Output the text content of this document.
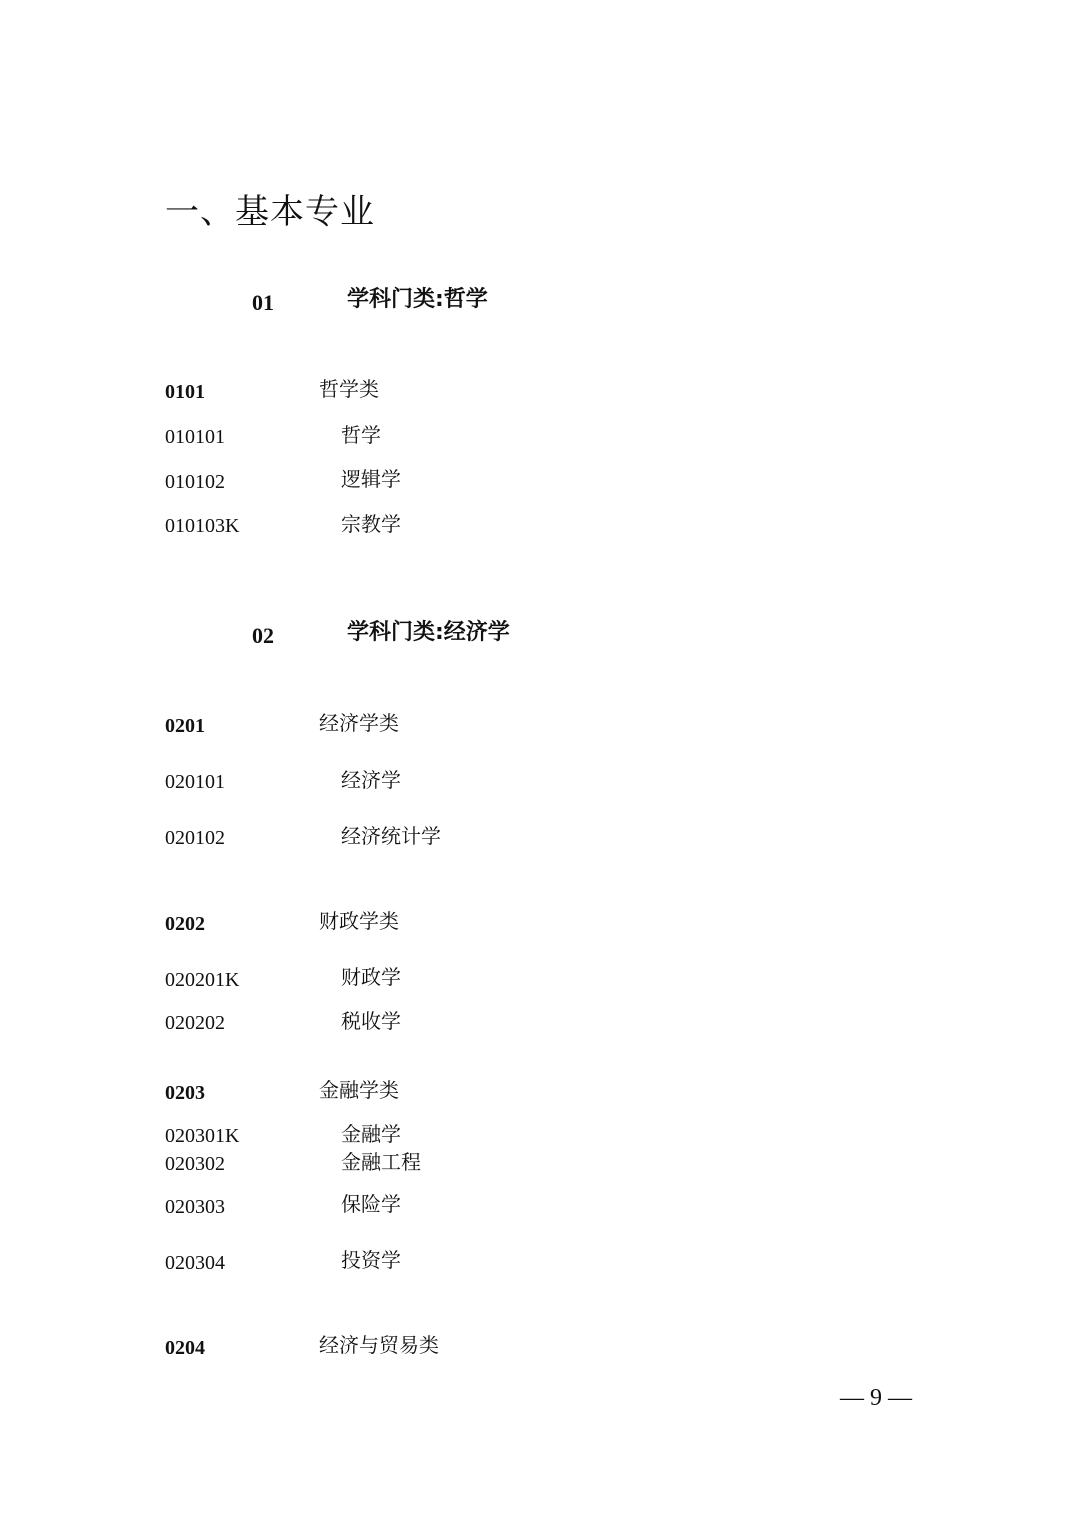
一、基本专业
01	学科门类:哲学
0101	哲学类
010101	哲学
010102	逻辑学
010103K	宗教学
02	学科门类:经济学
0201	经济学类
020101	经济学
020102	经济统计学
0202	财政学类
020201K	财政学
020202	税收学
0203	金融学类
020301K	金融学
020302	金融工程
020303	保险学
020304	投资学
0204	经济与贸易类
— 9 —
